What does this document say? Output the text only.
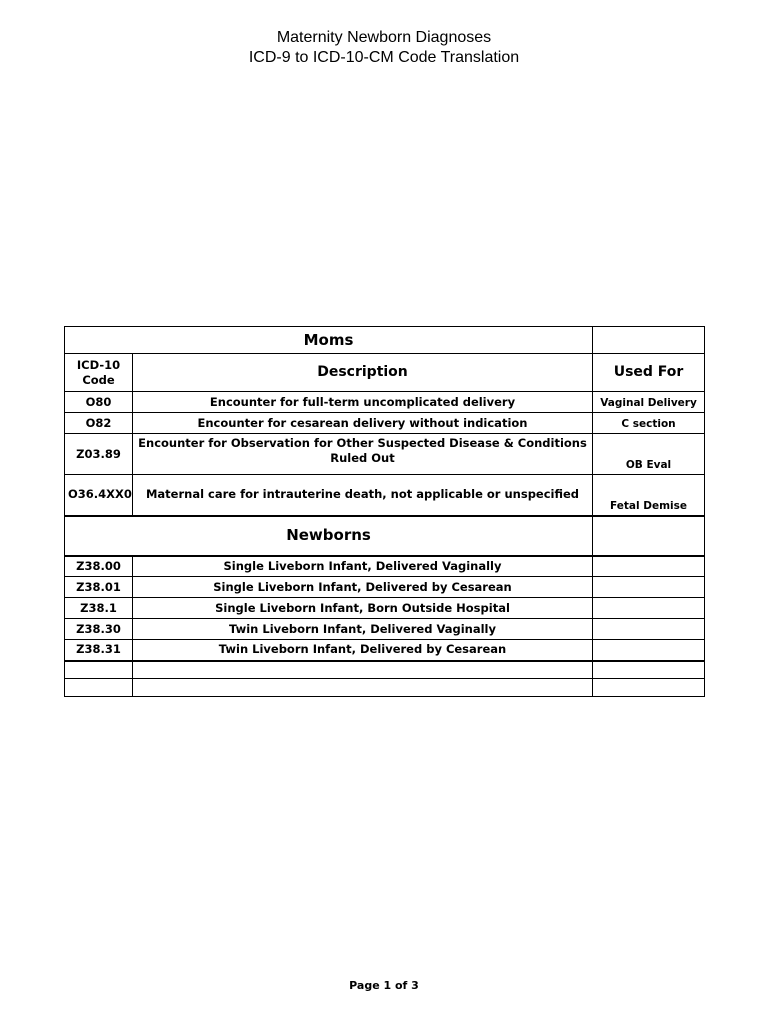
Maternity Newborn Diagnoses
ICD-9 to ICD-10-CM Code Translation
Moms		
ICD-10 Code	Description	Used For
O80	Encounter for full-term uncomplicated delivery	Vaginal Delivery
O82	Encounter for cesarean delivery without indication	C section
Z03.89	Encounter for Observation for Other Suspected Disease & Conditions Ruled Out	OB Eval
O36.4XX0	Maternal care for intrauterine death, not applicable or unspecified	Fetal Demise
Newborns		
Z38.00	Single Liveborn Infant, Delivered Vaginally	
Z38.01	Single Liveborn Infant, Delivered by Cesarean	
Z38.1	Single Liveborn Infant, Born Outside Hospital	
Z38.30	Twin Liveborn Infant, Delivered Vaginally	
Z38.31	Twin Liveborn Infant, Delivered by Cesarean	

Page 1 of 3
